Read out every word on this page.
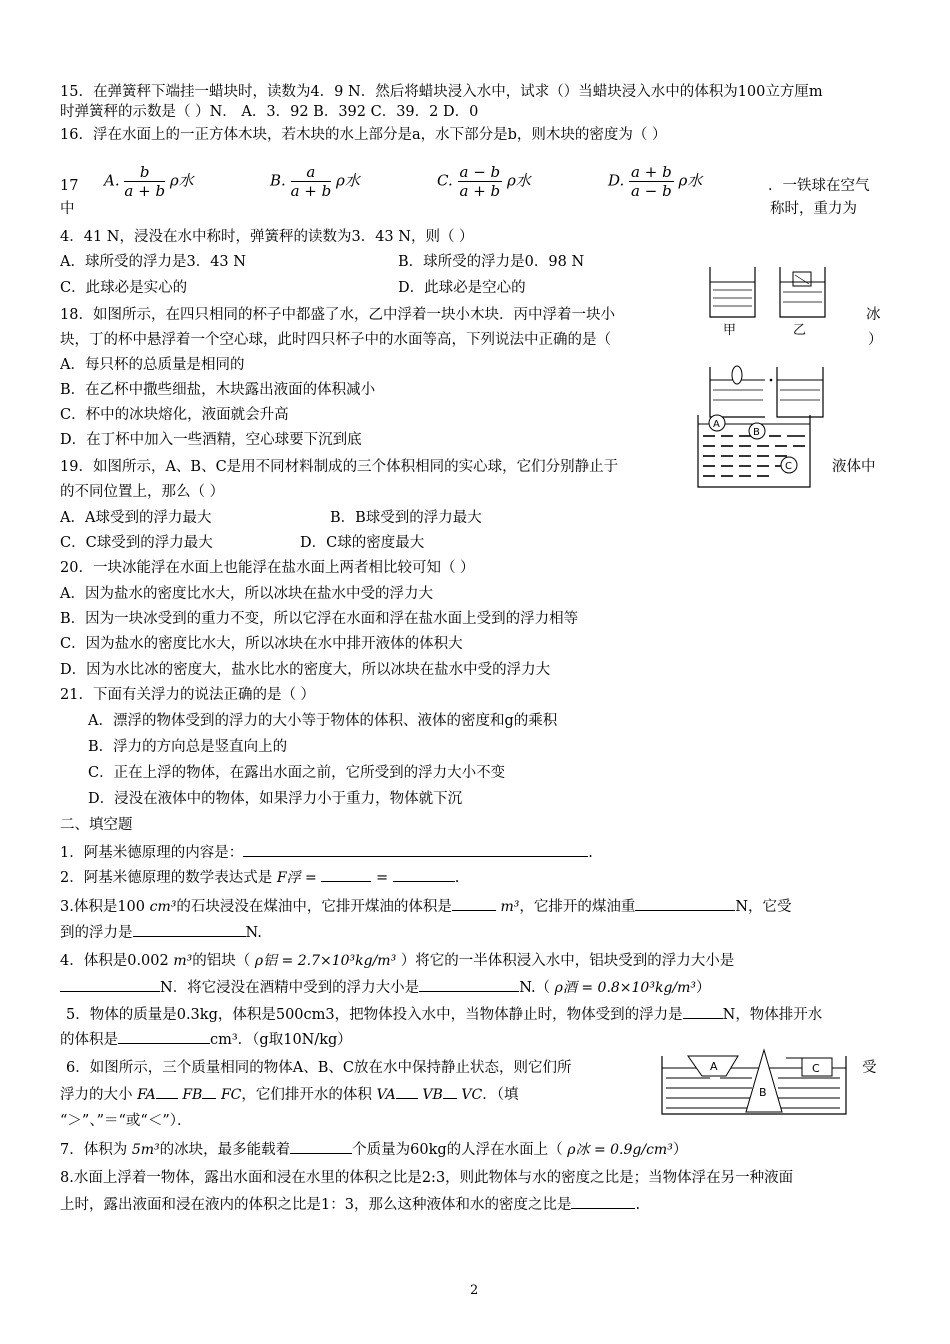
15．在弹簧秤下端挂一蜡块时，读数为4．9 N．然后将蜡块浸入水中，试求（）当蜡块浸入水中的体积为100立方厘m
时弹簧秤的示数是（ ）N． A．3．92 B．392 C．39．2 D．0
16．浮在水面上的一正方体木块，若木块的水上部分是a，水下部分是b，则木块的密度为（ ）
17
中
A. $\frac{b}{a + b}$ ρ水	B. $\frac{a}{a + b}$ ρ水	C. $\frac{a - b}{a + b}$ ρ水	D. $\frac{a + b}{a - b}$ ρ水	．一铁球在空气
称时，重力为
4．41 N，浸没在水中称时，弹簧秤的读数为3．43 N，则（ ）
A．球所受的浮力是3．43 N	B．球所受的浮力是0．98 N
C．此球必是实心的	D．此球必是空心的
18．如图所示，在四只相同的杯子中都盛了水，乙中浮着一块小木块．丙中浮着一块小	冰
块，丁的杯中悬浮着一个空心球，此时四只杯子中的水面等高，下列说法中正确的是（	）
A．每只杯的总质量是相同的
B．在乙杯中撒些细盐，木块露出液面的体积减小
C．杯中的冰块熔化，液面就会升高
D．在丁杯中加入一些酒精，空心球要下沉到底
甲	乙
19．如图所示，A、B、C是用不同材料制成的三个体积相同的实心球，它们分别静止于	液体中
的不同位置上，那么（ ）
A．A球受到的浮力最大	B．B球受到的浮力最大
C．C球受到的浮力最大	D．C球的密度最大
A
B
C
20．一块冰能浮在水面上也能浮在盐水面上两者相比较可知（ ）
A．因为盐水的密度比水大，所以冰块在盐水中受的浮力大
B．因为一块冰受到的重力不变，所以它浮在水面和浮在盐水面上受到的浮力相等
C．因为盐水的密度比水大，所以冰块在水中排开液体的体积大
D．因为水比冰的密度大，盐水比水的密度大，所以冰块在盐水中受的浮力大
21．下面有关浮力的说法正确的是（ ）
A．漂浮的物体受到的浮力的大小等于物体的体积、液体的密度和g的乘积
B．浮力的方向总是竖直向上的
C．正在上浮的物体，在露出水面之前，它所受到的浮力大小不变
D．浸没在液体中的物体，如果浮力小于重力，物体就下沉
二、填空题
1．阿基米德原理的内容是：	.
2．阿基米德原理的数学表达式是 F浮 =	=	.
3.体积是100 cm³的石块浸没在煤油中，它排开煤油的体积是	m³，它排开的煤油重	N，它受
到的浮力是	N.
4．体积是0.002 m³的铝块（ ρ铝 = 2.7×10³kg/m³ ）将它的一半体积浸入水中，铝块受到的浮力大小是
N．将它浸没在酒精中受到的浮力大小是	N.（ ρ酒 = 0.8×10³kg/m³）
5．物体的质量是0.3kg，体积是500cm3，把物体投入水中，当物体静止时，物体受到的浮力是	N，物体排开水
的体积是	cm³．（g取10N/kg）
6．如图所示，三个质量相同的物体A、B、C放在水中保持静止状态，则它们所	受
浮力的大小 FA FB FC，它们排开水的体积 VA VB VC．（填
“＞”、”＝“或“＜”）．
A
B
C
7．体积为 5m³的冰块，最多能载着	个质量为60kg的人浮在水面上（ ρ冰 = 0.9g/cm³）
8.水面上浮着一物体，露出水面和浸在水里的体积之比是2:3，则此物体与水的密度之比是；当物体浮在另一种液面
上时，露出液面和浸在液内的体积之比是1：3，那么这种液体和水的密度之比是	.
2
